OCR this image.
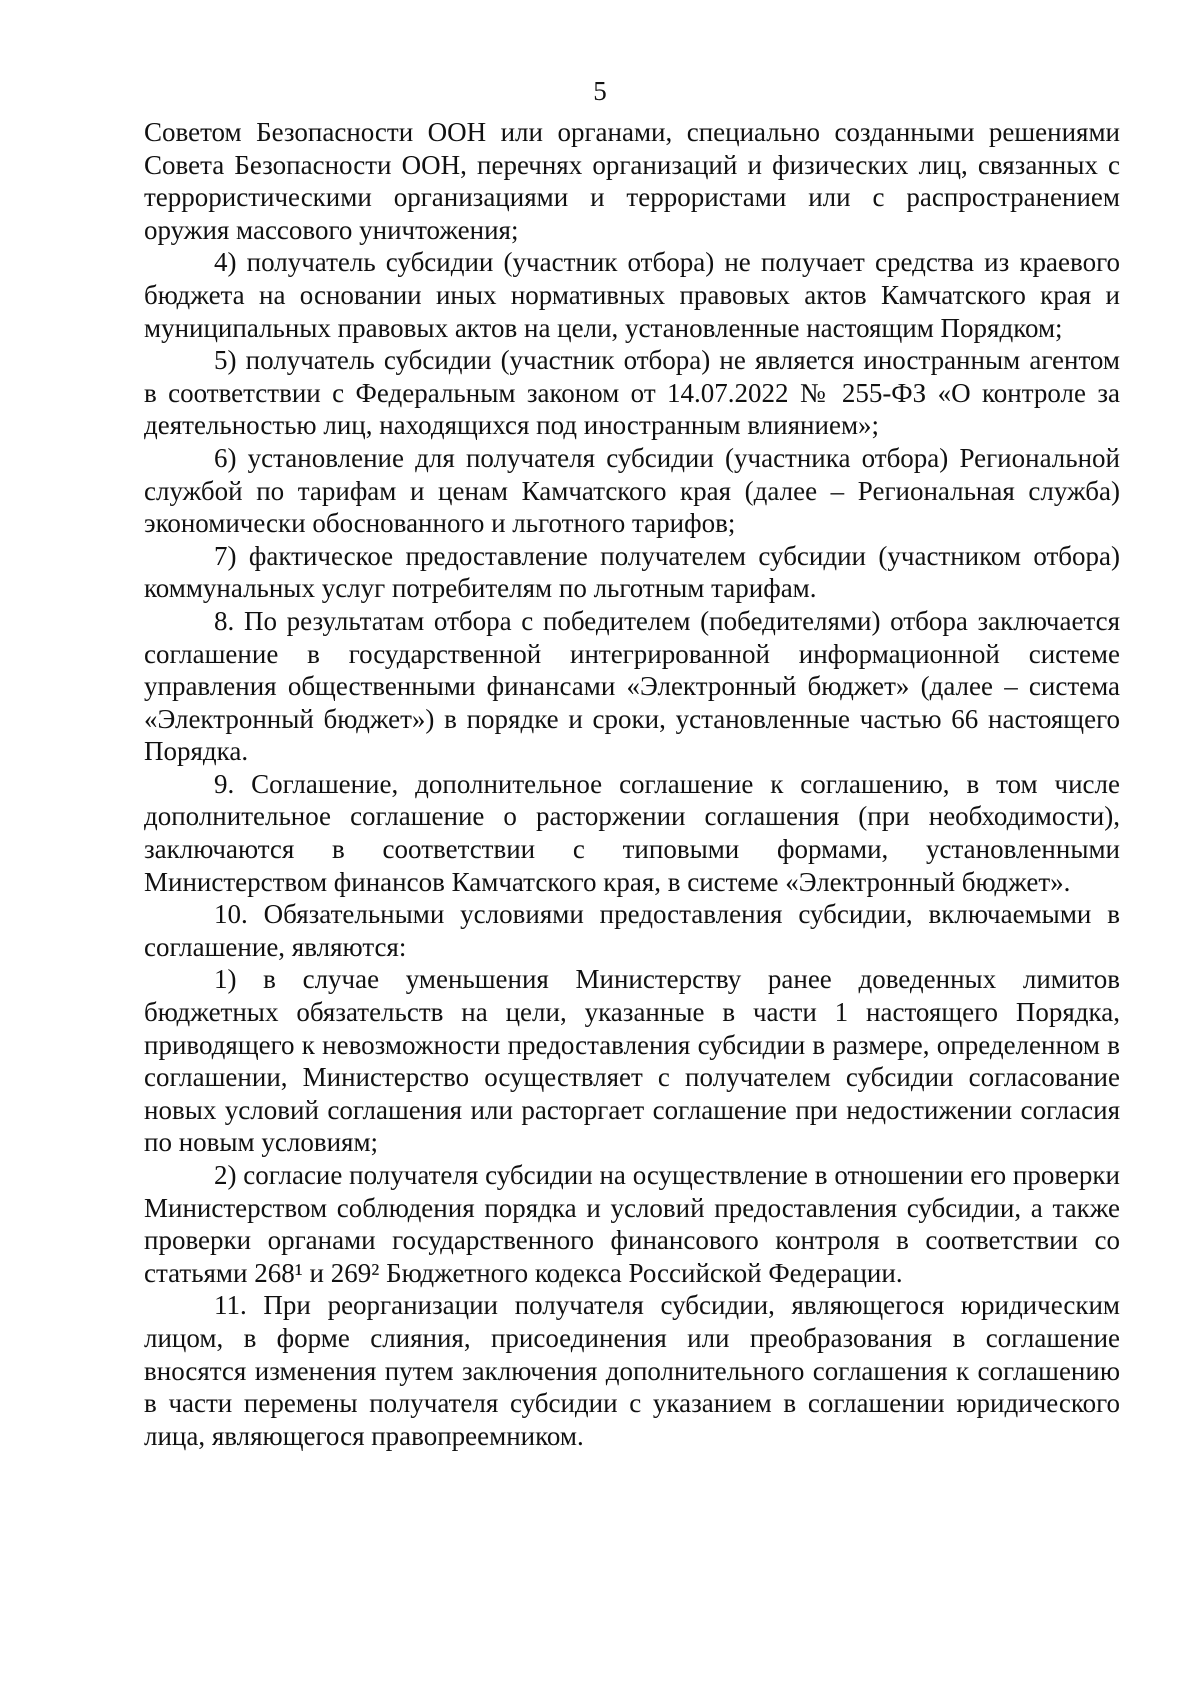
5

Советом Безопасности ООН или органами, специально созданными решениями Совета Безопасности ООН, перечнях организаций и физических лиц, связанных с террористическими организациями и террористами или с распространением оружия массового уничтожения;

4) получатель субсидии (участник отбора) не получает средства из краевого бюджета на основании иных нормативных правовых актов Камчатского края и муниципальных правовых актов на цели, установленные настоящим Порядком;

5) получатель субсидии (участник отбора) не является иностранным агентом в соответствии с Федеральным законом от 14.07.2022 № 255-ФЗ «О контроле за деятельностью лиц, находящихся под иностранным влиянием»;

6) установление для получателя субсидии (участника отбора) Региональной службой по тарифам и ценам Камчатского края (далее – Региональная служба) экономически обоснованного и льготного тарифов;

7) фактическое предоставление получателем субсидии (участником отбора) коммунальных услуг потребителям по льготным тарифам.

8. По результатам отбора с победителем (победителями) отбора заключается соглашение в государственной интегрированной информационной системе управления общественными финансами «Электронный бюджет» (далее – система «Электронный бюджет») в порядке и сроки, установленные частью 66 настоящего Порядка.

9. Соглашение, дополнительное соглашение к соглашению, в том числе дополнительное соглашение о расторжении соглашения (при необходимости), заключаются в соответствии с типовыми формами, установленными Министерством финансов Камчатского края, в системе «Электронный бюджет».

10. Обязательными условиями предоставления субсидии, включаемыми в соглашение, являются:

1) в случае уменьшения Министерству ранее доведенных лимитов бюджетных обязательств на цели, указанные в части 1 настоящего Порядка, приводящего к невозможности предоставления субсидии в размере, определенном в соглашении, Министерство осуществляет с получателем субсидии согласование новых условий соглашения или расторгает соглашение при недостижении согласия по новым условиям;

2) согласие получателя субсидии на осуществление в отношении его проверки Министерством соблюдения порядка и условий предоставления субсидии, а также проверки органами государственного финансового контроля в соответствии со статьями 268¹ и 269² Бюджетного кодекса Российской Федерации.

11. При реорганизации получателя субсидии, являющегося юридическим лицом, в форме слияния, присоединения или преобразования в соглашение вносятся изменения путем заключения дополнительного соглашения к соглашению в части перемены получателя субсидии с указанием в соглашении юридического лица, являющегося правопреемником.
